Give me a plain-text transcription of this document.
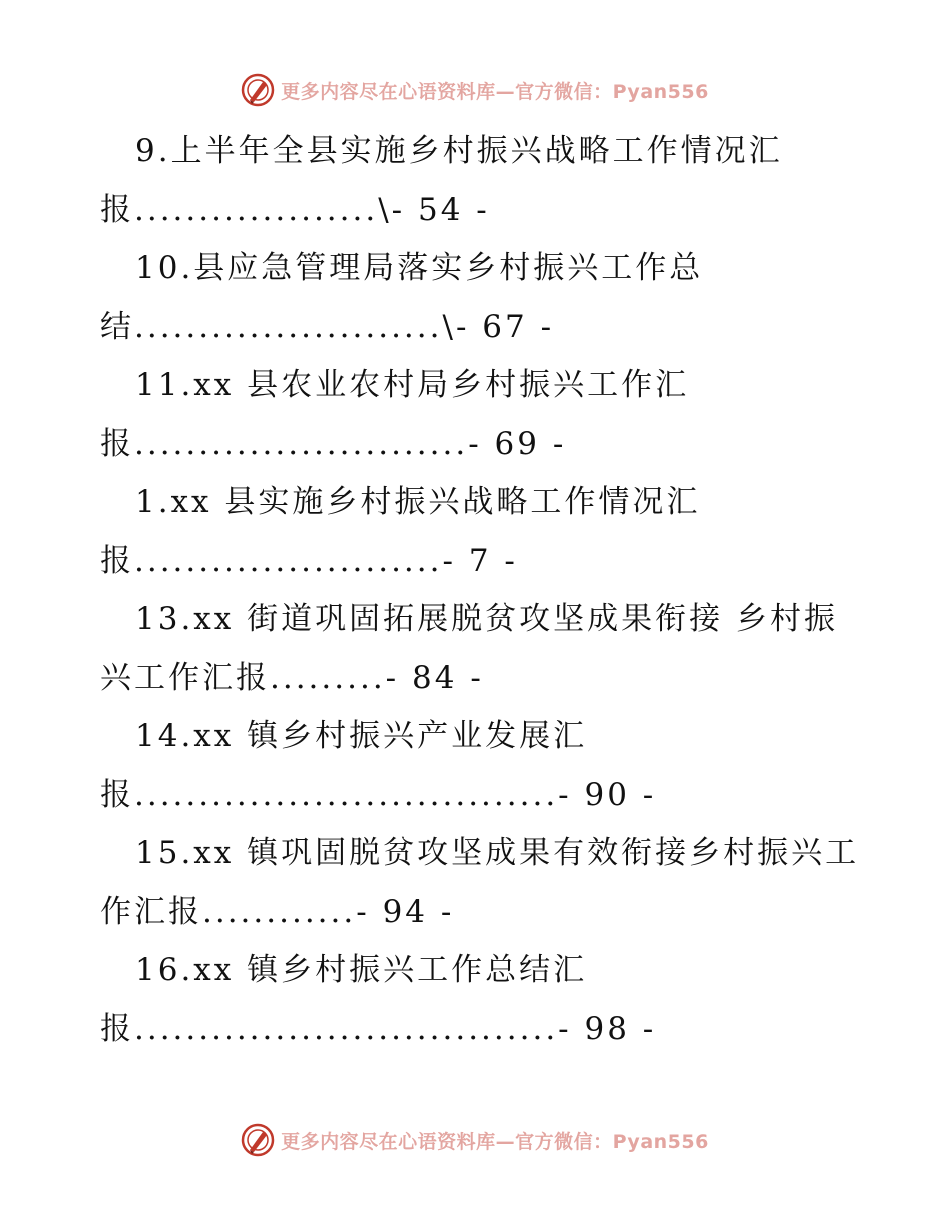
更多内容尽在心语资料库—官方微信：Pyan556
9.上半年全县实施乡村振兴战略工作情况汇
报...................\- 54 -
10.县应急管理局落实乡村振兴工作总
结........................\- 67 -
11.xx 县农业农村局乡村振兴工作汇
报..........................- 69 -
1.xx 县实施乡村振兴战略工作情况汇
报........................- 7 -
13.xx 街道巩固拓展脱贫攻坚成果衔接 乡村振
兴工作汇报.........- 84 -
14.xx 镇乡村振兴产业发展汇
报.................................- 90 -
15.xx 镇巩固脱贫攻坚成果有效衔接乡村振兴工
作汇报............- 94 -
16.xx 镇乡村振兴工作总结汇
报.................................- 98 -
更多内容尽在心语资料库—官方微信：Pyan556
